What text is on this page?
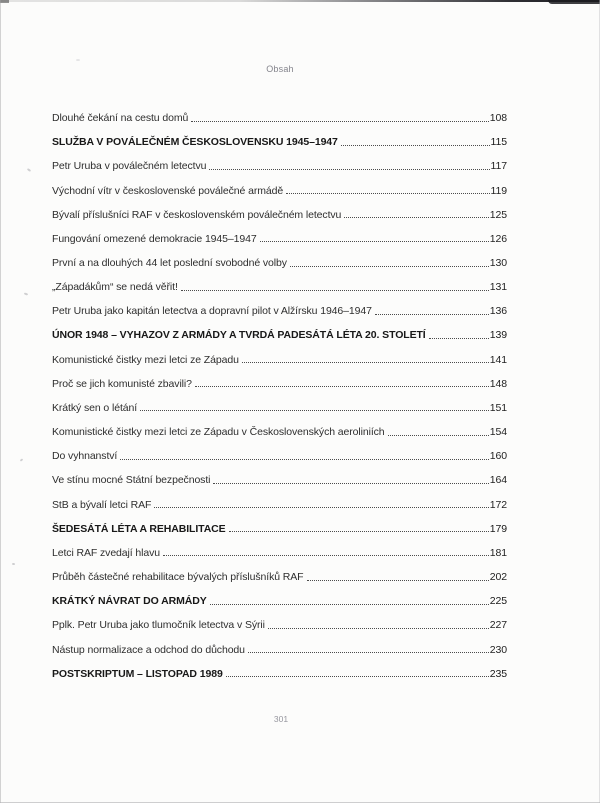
Obsah
Dlouhé čekání na cestu domů	108
SLUŽBA V POVÁLEČNÉM ČESKOSLOVENSKU 1945–1947	115
Petr Uruba v poválečném letectvu	117
Východní vítr v československé poválečné armádě	119
Bývalí příslušníci RAF v československém poválečném letectvu	125
Fungování omezené demokracie 1945–1947	126
První a na dlouhých 44 let poslední svobodné volby	130
„Západákům“ se nedá věřit!	131
Petr Uruba jako kapitán letectva a dopravní pilot v Alžírsku 1946–1947	136
ÚNOR 1948 – VYHAZOV Z ARMÁDY A TVRDÁ PADESÁTÁ LÉTA 20. STOLETÍ	139
Komunistické čistky mezi letci ze Západu	141
Proč se jich komunisté zbavili?	148
Krátký sen o létání	151
Komunistické čistky mezi letci ze Západu v Československých aeroliniích	154
Do vyhnanství	160
Ve stínu mocné Státní bezpečnosti	164
StB a bývalí letci RAF	172
ŠEDESÁTÁ LÉTA A REHABILITACE	179
Letci RAF zvedají hlavu	181
Průběh částečné rehabilitace bývalých příslušníků RAF	202
KRÁTKÝ NÁVRAT DO ARMÁDY	225
Pplk. Petr Uruba jako tlumočník letectva v Sýrii	227
Nástup normalizace a odchod do důchodu	230
POSTSKRIPTUM – LISTOPAD 1989	235
301
